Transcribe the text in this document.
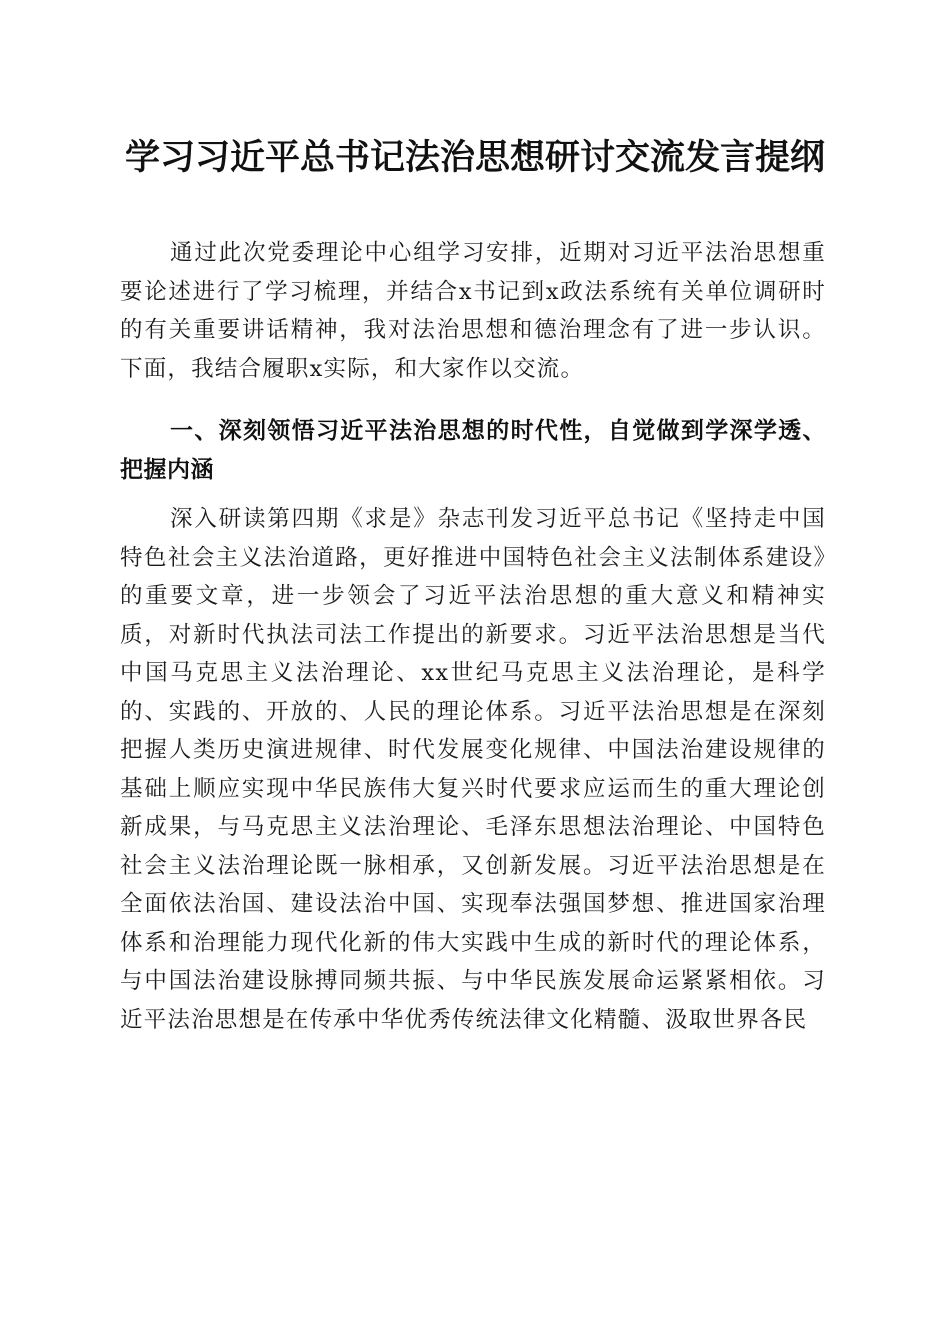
学习习近平总书记法治思想研讨交流发言提纲

通过此次党委理论中心组学习安排，近期对习近平法治思想重要论述进行了学习梳理，并结合x书记到x政法系统有关单位调研时的有关重要讲话精神，我对法治思想和德治理念有了进一步认识。下面，我结合履职x实际，和大家作以交流。

一、深刻领悟习近平法治思想的时代性，自觉做到学深学透、把握内涵

深入研读第四期《求是》杂志刊发习近平总书记《坚持走中国特色社会主义法治道路，更好推进中国特色社会主义法制体系建设》的重要文章，进一步领会了习近平法治思想的重大意义和精神实质，对新时代执法司法工作提出的新要求。习近平法治思想是当代中国马克思主义法治理论、xx世纪马克思主义法治理论，是科学的、实践的、开放的、人民的理论体系。习近平法治思想是在深刻把握人类历史演进规律、时代发展变化规律、中国法治建设规律的基础上顺应实现中华民族伟大复兴时代要求应运而生的重大理论创新成果，与马克思主义法治理论、毛泽东思想法治理论、中国特色社会主义法治理论既一脉相承，又创新发展。习近平法治思想是在全面依法治国、建设法治中国、实现奉法强国梦想、推进国家治理体系和治理能力现代化新的伟大实践中生成的新时代的理论体系，与中国法治建设脉搏同频共振、与中华民族发展命运紧紧相依。习近平法治思想是在传承中华优秀传统法律文化精髓、汲取世界各民
